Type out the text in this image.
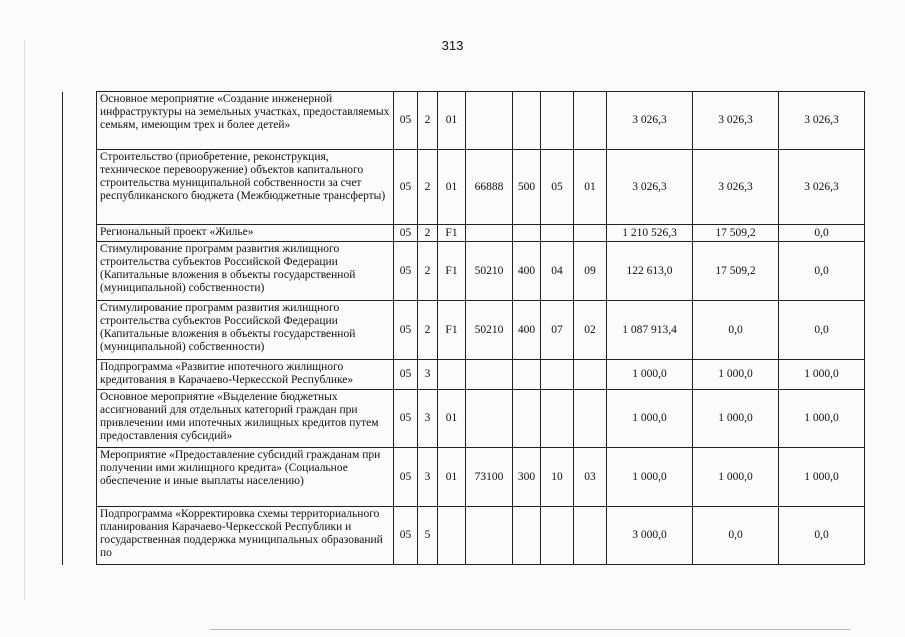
313
	Основное мероприятие «Создание инженерной инфраструктуры на земельных участках, предоставляемых семьям, имеющим трех и более детей»	05	2	01					3 026,3	3 026,3	3 026,3
	Строительство (приобретение, реконструкция, техническое перевооружение) объектов капитального строительства муниципальной собственности за счет республиканского бюджета (Межбюджетные трансферты)	05	2	01	66888	500	05	01	3 026,3	3 026,3	3 026,3
	Региональный проект «Жилье»	05	2	F1					1 210 526,3	17 509,2	0,0
	Стимулирование программ развития жилищного строительства субъектов Российской Федерации (Капитальные вложения в объекты государственной (муниципальной) собственности)	05	2	F1	50210	400	04	09	122 613,0	17 509,2	0,0
	Стимулирование программ развития жилищного строительства субъектов Российской Федерации (Капитальные вложения в объекты государственной (муниципальной) собственности)	05	2	F1	50210	400	07	02	1 087 913,4	0,0	0,0
	Подпрограмма «Развитие ипотечного жилищного кредитования в Карачаево-Черкесской Республике»	05	3						1 000,0	1 000,0	1 000,0
	Основное мероприятие «Выделение бюджетных ассигнований для отдельных категорий граждан при привлечении ими ипотечных жилищных кредитов путем предоставления субсидий»	05	3	01					1 000,0	1 000,0	1 000,0
	Мероприятие «Предоставление субсидий гражданам при получении ими жилищного кредита» (Социальное обеспечение и иные выплаты населению)	05	3	01	73100	300	10	03	1 000,0	1 000,0	1 000,0
	Подпрограмма «Корректировка схемы территориального планирования Карачаево-Черкесской Республики и государственная поддержка муниципальных образований по	05	5						3 000,0	0,0	0,0
